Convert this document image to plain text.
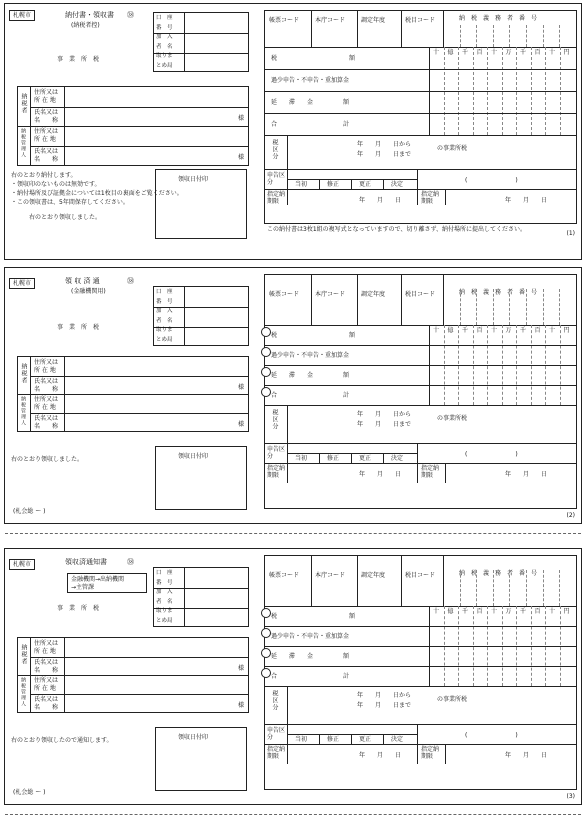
札幌市	納付書・領収書 ㊳
(納税者控)
事　業　所　税
口　座
番　号
加　入
者　名
取りま
とめ局
納税者
納税管理人
住所又は
所 在 地
氏名又は
名　　称	様
住所又は
所 在 地
氏名又は
名　　称	様
右のとおり納付します。
・領収印のないものは無効です。
・納付場所及び証拠金については1枚目の裏面をご覧ください。
・この領収書は、5年間保存してください。
右のとおり領収しました。
領収日付印
帳票コード	本庁コード	調定年度	税目コード	納　税　義　務　者　番　号
十 億 千 百 十 万 千 百 十 円
税　　　　　　　　　　　　額
過少申告・不申告・重加算金
延　　滞　　金　　　　　額
合　　　　　　　　　　　計
税区分	年　　月　　日から
年　　月　　日まで
の事業所税
申告区分	当初	修正	更正	決定
(　　　　　　　　)
指定納期限	年　　月　　日
指定納期限	年　　月　　日
この納付書は3枚1組の複写式となっていますので、切り離さず、納付場所に提出してください。
(1)
札幌市	領 収 済 通	㊳
(金融機関用)
事　業　所　税
口　座
番　号
加　入
者　名
取りま
とめ局
納税者
納税管理人
住所又は
所 在 地
氏名又は
名　　称	様
住所又は
所 在 地
氏名又は
名　　称	様
右のとおり領収しました。
(札会総 ー )
領収日付印
帳票コード	本庁コード	調定年度	税目コード	納　税　義　務　者　番　号
十 億 千 百 十 万 千 百 十 円
税　　　　　　　　　　　　額
過少申告・不申告・重加算金
延　　滞　　金　　　　　額
合　　　　　　　　　　　計
税区分	年　　月　　日から
年　　月　　日まで
の事業所税
申告区分	当初	修正	更正	決定
(　　　　　　　　)
指定納期限	年　　月　　日
指定納期限	年　　月　　日
(2)
札幌市	領収済通知書	㊳
金融機関→出納機関
→主管課
事　業　所　税
口　座
番　号
加　入
者　名
取りま
とめ局
納税者
納税管理人
住所又は
所 在 地
氏名又は
名　　称	様
住所又は
所 在 地
氏名又は
名　　称	様
右のとおり領収したので通知します。
(札会総 ー )
領収日付印
帳票コード	本庁コード	調定年度	税目コード	納　税　義　務　者　番　号
十 億 千 百 十 万 千 百 十 円
税　　　　　　　　　　　　額
過少申告・不申告・重加算金
延　　滞　　金　　　　　額
合　　　　　　　　　　　計
税区分	年　　月　　日から
年　　月　　日まで
の事業所税
申告区分	当初	修正	更正	決定
(　　　　　　　　)
指定納期限	年　　月　　日
指定納期限	年　　月　　日
(3)
